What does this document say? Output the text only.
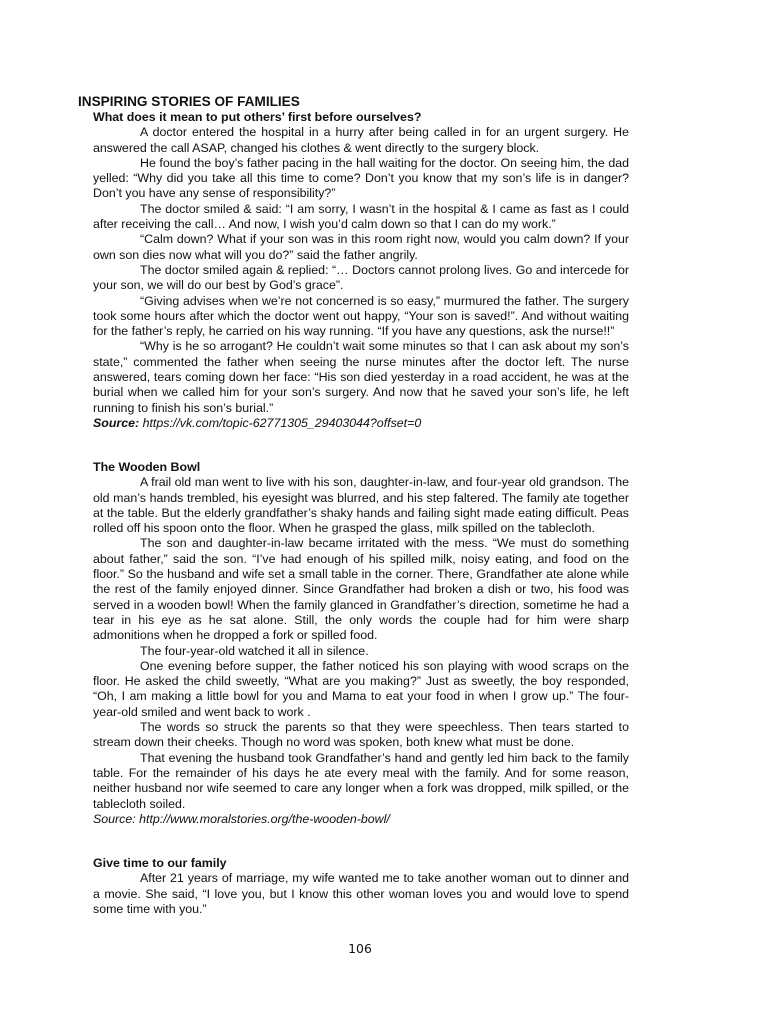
INSPIRING STORIES OF FAMILIES
What does it mean to put others’ first before ourselves?

A doctor entered the hospital in a hurry after being called in for an urgent surgery. He answered the call ASAP, changed his clothes & went directly to the surgery block.

He found the boy’s father pacing in the hall waiting for the doctor. On seeing him, the dad yelled: “Why did you take all this time to come? Don’t you know that my son’s life is in danger? Don’t you have any sense of responsibility?”

The doctor smiled & said: “I am sorry, I wasn’t in the hospital & I came as fast as I could after receiving the call… And now, I wish you’d calm down so that I can do my work.”

“Calm down? What if your son was in this room right now, would you calm down? If your own son dies now what will you do?” said the father angrily.

The doctor smiled again & replied: “… Doctors cannot prolong lives. Go and intercede for your son, we will do our best by God’s grace”.

“Giving advises when we’re not concerned is so easy,” murmured the father. The surgery took some hours after which the doctor went out happy, “Your son is saved!”. And without waiting for the father’s reply, he carried on his way running. “If you have any questions, ask the nurse!!”

“Why is he so arrogant? He couldn’t wait some minutes so that I can ask about my son’s state,” commented the father when seeing the nurse minutes after the doctor left. The nurse answered, tears coming down her face: “His son died yesterday in a road accident, he was at the burial when we called him for your son’s surgery. And now that he saved your son’s life, he left running to finish his son’s burial.”

Source: https://vk.com/topic-62771305_29403044?offset=0

The Wooden Bowl

A frail old man went to live with his son, daughter-in-law, and four-year old grandson. The old man’s hands trembled, his eyesight was blurred, and his step faltered. The family ate together at the table. But the elderly grandfather’s shaky hands and failing sight made eating difficult. Peas rolled off his spoon onto the floor. When he grasped the glass, milk spilled on the tablecloth.

The son and daughter-in-law became irritated with the mess. “We must do something about father,” said the son. “I’ve had enough of his spilled milk, noisy eating, and food on the floor.” So the husband and wife set a small table in the corner. There, Grandfather ate alone while the rest of the family enjoyed dinner. Since Grandfather had broken a dish or two, his food was served in a wooden bowl! When the family glanced in Grandfather’s direction, sometime he had a tear in his eye as he sat alone. Still, the only words the couple had for him were sharp admonitions when he dropped a fork or spilled food.

The four-year-old watched it all in silence.

One evening before supper, the father noticed his son playing with wood scraps on the floor. He asked the child sweetly, “What are you making?” Just as sweetly, the boy responded, “Oh, I am making a little bowl for you and Mama to eat your food in when I grow up.” The four-year-old smiled and went back to work .

The words so struck the parents so that they were speechless. Then tears started to stream down their cheeks. Though no word was spoken, both knew what must be done.

That evening the husband took Grandfather’s hand and gently led him back to the family table. For the remainder of his days he ate every meal with the family. And for some reason, neither husband nor wife seemed to care any longer when a fork was dropped, milk spilled, or the tablecloth soiled.

Source: http://www.moralstories.org/the-wooden-bowl/

Give time to our family

After 21 years of marriage, my wife wanted me to take another woman out to dinner and a movie. She said, “I love you, but I know this other woman loves you and would love to spend some time with you.”

106
